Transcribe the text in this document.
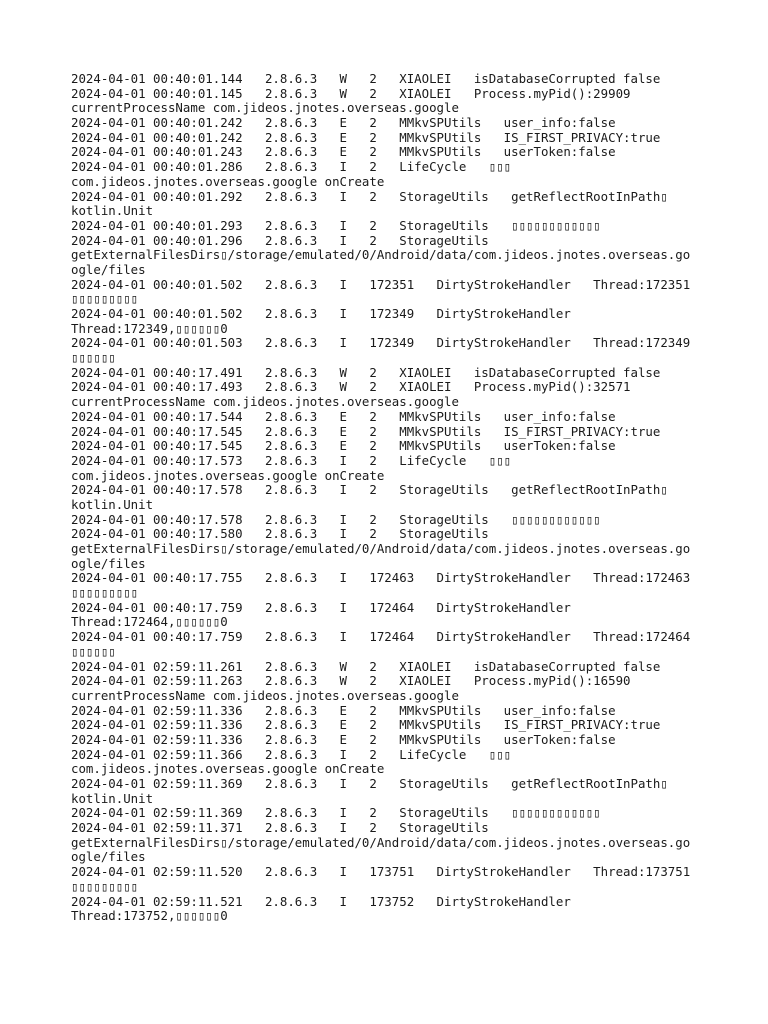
2024-04-01 00:40:01.144   2.8.6.3   W   2   XIAOLEI   isDatabaseCorrupted false
2024-04-01 00:40:01.145   2.8.6.3   W   2   XIAOLEI   Process.myPid():29909
currentProcessName com.jideos.jnotes.overseas.google
2024-04-01 00:40:01.242   2.8.6.3   E   2   MMkvSPUtils   user_info:false
2024-04-01 00:40:01.242   2.8.6.3   E   2   MMkvSPUtils   IS_FIRST_PRIVACY:true
2024-04-01 00:40:01.243   2.8.6.3   E   2   MMkvSPUtils   userToken:false
2024-04-01 00:40:01.286   2.8.6.3   I   2   LifeCycle   ▯▯▯
com.jideos.jnotes.overseas.google onCreate
2024-04-01 00:40:01.292   2.8.6.3   I   2   StorageUtils   getReflectRootInPath▯
kotlin.Unit
2024-04-01 00:40:01.293   2.8.6.3   I   2   StorageUtils   ▯▯▯▯▯▯▯▯▯▯▯▯
2024-04-01 00:40:01.296   2.8.6.3   I   2   StorageUtils
getExternalFilesDirs▯/storage/emulated/0/Android/data/com.jideos.jnotes.overseas.go
ogle/files
2024-04-01 00:40:01.502   2.8.6.3   I   172351   DirtyStrokeHandler   Thread:172351
▯▯▯▯▯▯▯▯▯
2024-04-01 00:40:01.502   2.8.6.3   I   172349   DirtyStrokeHandler
Thread:172349,▯▯▯▯▯▯0
2024-04-01 00:40:01.503   2.8.6.3   I   172349   DirtyStrokeHandler   Thread:172349
▯▯▯▯▯▯
2024-04-01 00:40:17.491   2.8.6.3   W   2   XIAOLEI   isDatabaseCorrupted false
2024-04-01 00:40:17.493   2.8.6.3   W   2   XIAOLEI   Process.myPid():32571
currentProcessName com.jideos.jnotes.overseas.google
2024-04-01 00:40:17.544   2.8.6.3   E   2   MMkvSPUtils   user_info:false
2024-04-01 00:40:17.545   2.8.6.3   E   2   MMkvSPUtils   IS_FIRST_PRIVACY:true
2024-04-01 00:40:17.545   2.8.6.3   E   2   MMkvSPUtils   userToken:false
2024-04-01 00:40:17.573   2.8.6.3   I   2   LifeCycle   ▯▯▯
com.jideos.jnotes.overseas.google onCreate
2024-04-01 00:40:17.578   2.8.6.3   I   2   StorageUtils   getReflectRootInPath▯
kotlin.Unit
2024-04-01 00:40:17.578   2.8.6.3   I   2   StorageUtils   ▯▯▯▯▯▯▯▯▯▯▯▯
2024-04-01 00:40:17.580   2.8.6.3   I   2   StorageUtils
getExternalFilesDirs▯/storage/emulated/0/Android/data/com.jideos.jnotes.overseas.go
ogle/files
2024-04-01 00:40:17.755   2.8.6.3   I   172463   DirtyStrokeHandler   Thread:172463
▯▯▯▯▯▯▯▯▯
2024-04-01 00:40:17.759   2.8.6.3   I   172464   DirtyStrokeHandler
Thread:172464,▯▯▯▯▯▯0
2024-04-01 00:40:17.759   2.8.6.3   I   172464   DirtyStrokeHandler   Thread:172464
▯▯▯▯▯▯
2024-04-01 02:59:11.261   2.8.6.3   W   2   XIAOLEI   isDatabaseCorrupted false
2024-04-01 02:59:11.263   2.8.6.3   W   2   XIAOLEI   Process.myPid():16590
currentProcessName com.jideos.jnotes.overseas.google
2024-04-01 02:59:11.336   2.8.6.3   E   2   MMkvSPUtils   user_info:false
2024-04-01 02:59:11.336   2.8.6.3   E   2   MMkvSPUtils   IS_FIRST_PRIVACY:true
2024-04-01 02:59:11.336   2.8.6.3   E   2   MMkvSPUtils   userToken:false
2024-04-01 02:59:11.366   2.8.6.3   I   2   LifeCycle   ▯▯▯
com.jideos.jnotes.overseas.google onCreate
2024-04-01 02:59:11.369   2.8.6.3   I   2   StorageUtils   getReflectRootInPath▯
kotlin.Unit
2024-04-01 02:59:11.369   2.8.6.3   I   2   StorageUtils   ▯▯▯▯▯▯▯▯▯▯▯▯
2024-04-01 02:59:11.371   2.8.6.3   I   2   StorageUtils
getExternalFilesDirs▯/storage/emulated/0/Android/data/com.jideos.jnotes.overseas.go
ogle/files
2024-04-01 02:59:11.520   2.8.6.3   I   173751   DirtyStrokeHandler   Thread:173751
▯▯▯▯▯▯▯▯▯
2024-04-01 02:59:11.521   2.8.6.3   I   173752   DirtyStrokeHandler
Thread:173752,▯▯▯▯▯▯0
